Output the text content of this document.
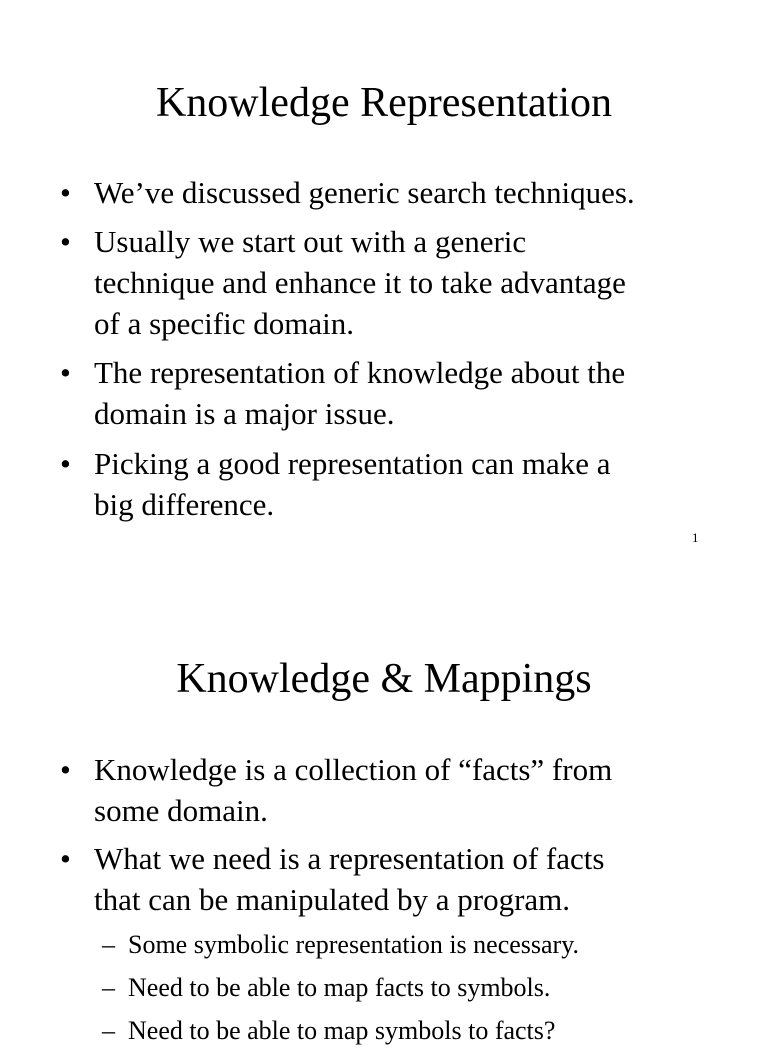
Knowledge Representation
• We’ve discussed generic search techniques.
• Usually we start out with a generic
technique and enhance it to take advantage
of a specific domain.
• The representation of knowledge about the
domain is a major issue.
• Picking a good representation can make a
big difference.
1
Knowledge & Mappings
• Knowledge is a collection of “facts” from
some domain.
• What we need is a representation of facts
that can be manipulated by a program.
– Some symbolic representation is necessary.
– Need to be able to map facts to symbols.
– Need to be able to map symbols to facts?
